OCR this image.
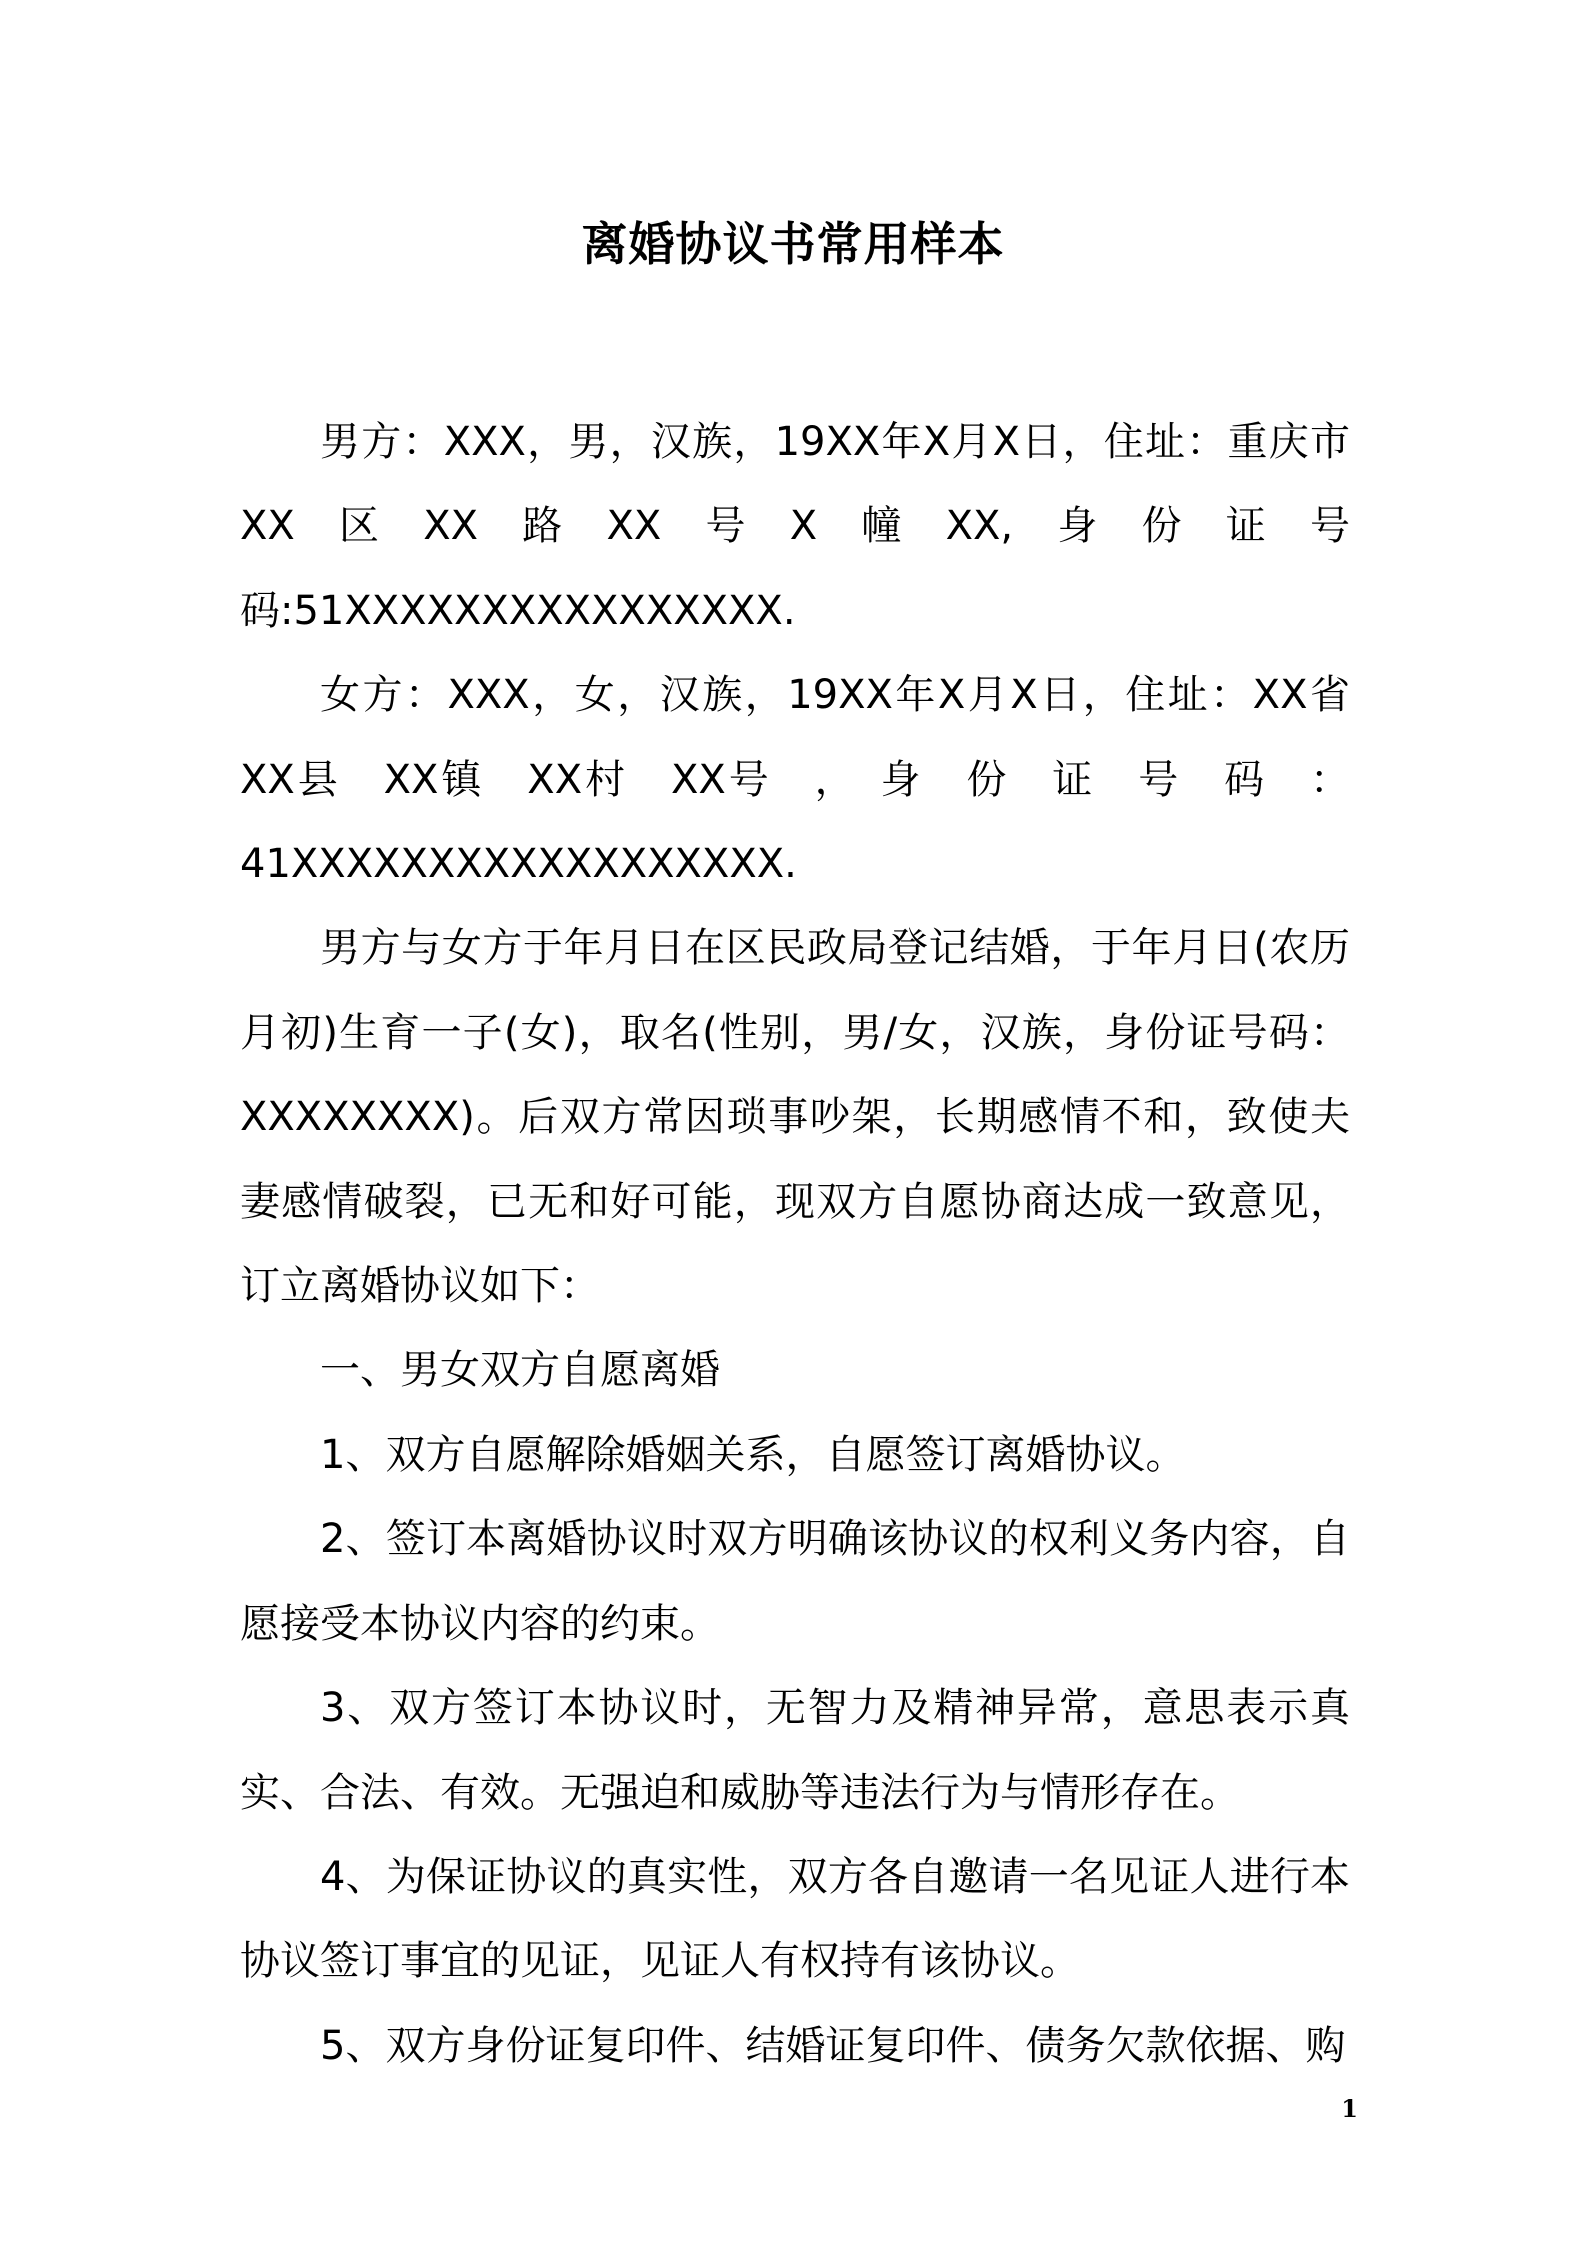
离婚协议书常用样本

男方：XXX，男，汉族，19XX年X月X日，住址：重庆市XX区XX路XX号X幢XX,身份证号码:51XXXXXXXXXXXXXXXX.

女方：XXX，女，汉族，19XX年X月X日，住址：XX省XX县　XX镇　XX村　XX号　，　身　份　证　号　码　：41XXXXXXXXXXXXXXXXXX.

男方与女方于年月日在区民政局登记结婚，于年月日(农历月初)生育一子(女)，取名(性别，男/女，汉族，身份证号码：XXXXXXXX)。后双方常因琐事吵架，长期感情不和，致使夫妻感情破裂，已无和好可能，现双方自愿协商达成一致意见，订立离婚协议如下：

一、男女双方自愿离婚

1、双方自愿解除婚姻关系，自愿签订离婚协议。

2、签订本离婚协议时双方明确该协议的权利义务内容，自愿接受本协议内容的约束。

3、双方签订本协议时，无智力及精神异常，意思表示真实、合法、有效。无强迫和威胁等违法行为与情形存在。

4、为保证协议的真实性，双方各自邀请一名见证人进行本协议签订事宜的见证，见证人有权持有该协议。

5、双方身份证复印件、结婚证复印件、债务欠款依据、购

1
